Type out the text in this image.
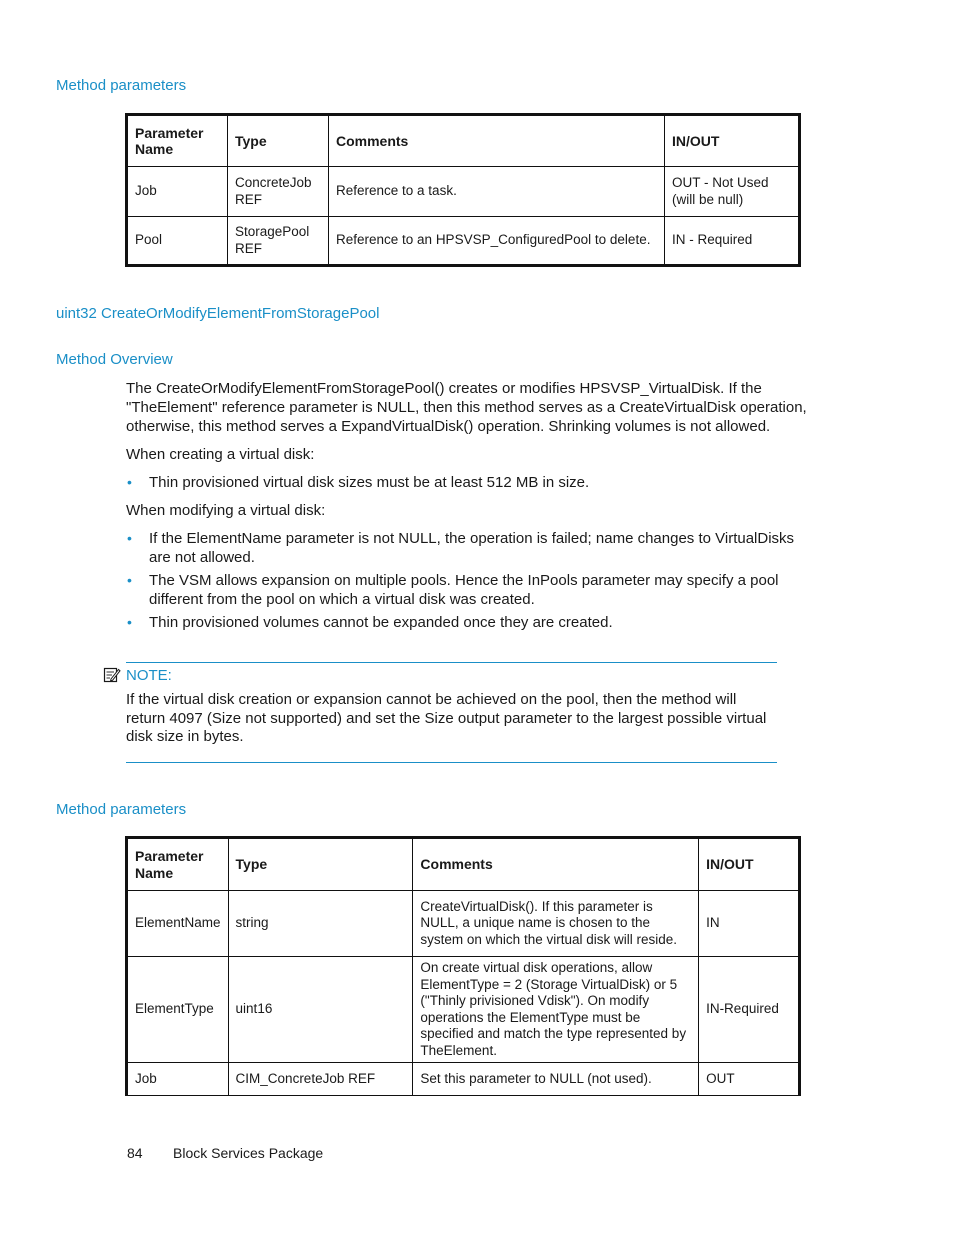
Method parameters
Parameter Name	Type	Comments	IN/OUT
Job	ConcreteJob REF	Reference to a task.	OUT - Not Used (will be null)
Pool	StoragePool REF	Reference to an HPSVSP_ConfiguredPool to delete.	IN - Required
uint32 CreateOrModifyElementFromStoragePool
Method Overview

The CreateOrModifyElementFromStoragePool() creates or modifies HPSVSP_VirtualDisk. If the "TheElement" reference parameter is NULL, then this method serves as a CreateVirtualDisk operation, otherwise, this method serves a ExpandVirtualDisk() operation. Shrinking volumes is not allowed.

When creating a virtual disk:

• Thin provisioned virtual disk sizes must be at least 512 MB in size.

When modifying a virtual disk:

• If the ElementName parameter is not NULL, the operation is failed; name changes to VirtualDisks are not allowed.
• The VSM allows expansion on multiple pools. Hence the InPools parameter may specify a pool different from the pool on which a virtual disk was created.
• Thin provisioned volumes cannot be expanded once they are created.
NOTE:

If the virtual disk creation or expansion cannot be achieved on the pool, then the method will return 4097 (Size not supported) and set the Size output parameter to the largest possible virtual disk size in bytes.

Method parameters
Parameter Name	Type	Comments	IN/OUT
ElementName	string	CreateVirtualDisk(). If this parameter is NULL, a unique name is chosen to the system on which the virtual disk will reside.	IN
ElementType	uint16	On create virtual disk operations, allow ElementType = 2 (Storage VirtualDisk) or 5 ("Thinly privisioned Vdisk"). On modify operations the ElementType must be specified and match the type represented by TheElement.	IN-Required
Job	CIM_ConcreteJob REF	Set this parameter to NULL (not used).	OUT
84 Block Services Package
